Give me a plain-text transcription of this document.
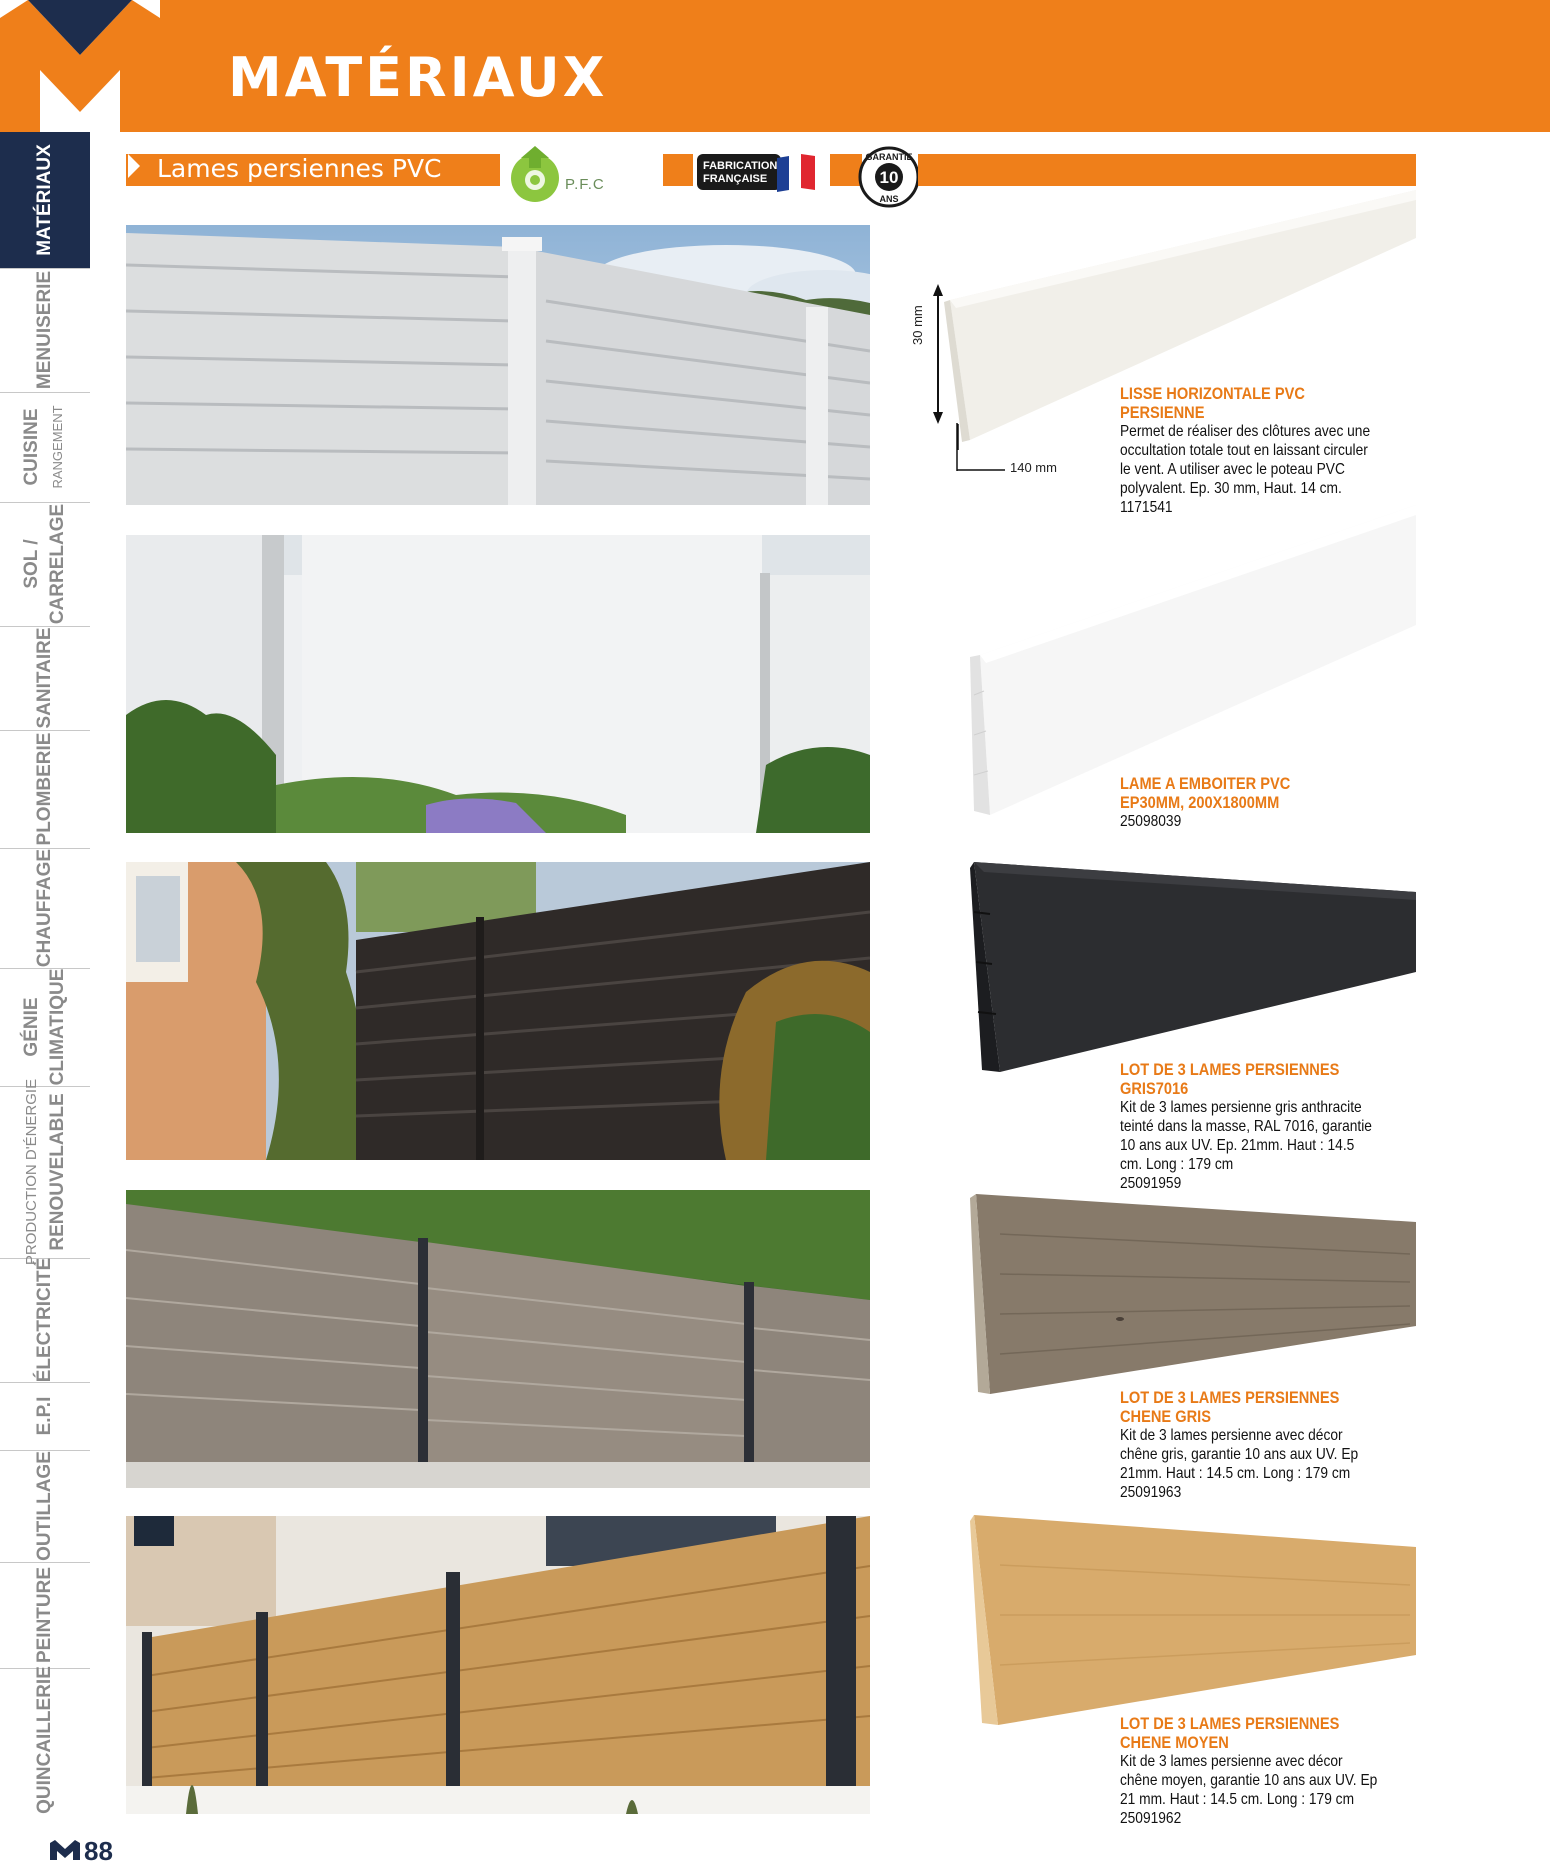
MATÉRIAUX
MATÉRIAUX
MENUISERIE
CUISINE RANGEMENT
SOL / CARRELAGE
SANITAIRE
PLOMBERIE
CHAUFFAGE
GÉNIE CLIMATIQUE
PRODUCTION D'ÉNERGIE RENOUVELABLE
ÉLECTRICITÉ
E.P.I
OUTILLAGE
PEINTURE
QUINCAILLERIE
Lames persiennes PVC
P.F.C
FABRICATION
FRANÇAISE
GARANTIE
10
ANS
30 mm
140 mm
LISSE HORIZONTALE PVC PERSIENNE
Permet de réaliser des clôtures avec une occultation totale tout en laissant circuler le vent. A utiliser avec le poteau PVC polyvalent. Ep. 30 mm, Haut. 14 cm.
1171541
LAME A EMBOITER PVC EP30MM, 200X1800MM
25098039
LOT DE 3 LAMES PERSIENNES GRIS7016
Kit de 3 lames persienne gris anthracite teinté dans la masse, RAL 7016, garantie 10 ans aux UV. Ep. 21mm. Haut : 14.5 cm. Long : 179 cm
25091959
LOT DE 3 LAMES PERSIENNES CHENE GRIS
Kit de 3 lames persienne avec décor chêne gris, garantie 10 ans aux UV. Ep 21mm. Haut : 14.5 cm. Long : 179 cm
25091963
LOT DE 3 LAMES PERSIENNES CHENE MOYEN
Kit de 3 lames persienne avec décor chêne moyen, garantie 10 ans aux UV. Ep 21 mm. Haut : 14.5 cm. Long : 179 cm
25091962
88
